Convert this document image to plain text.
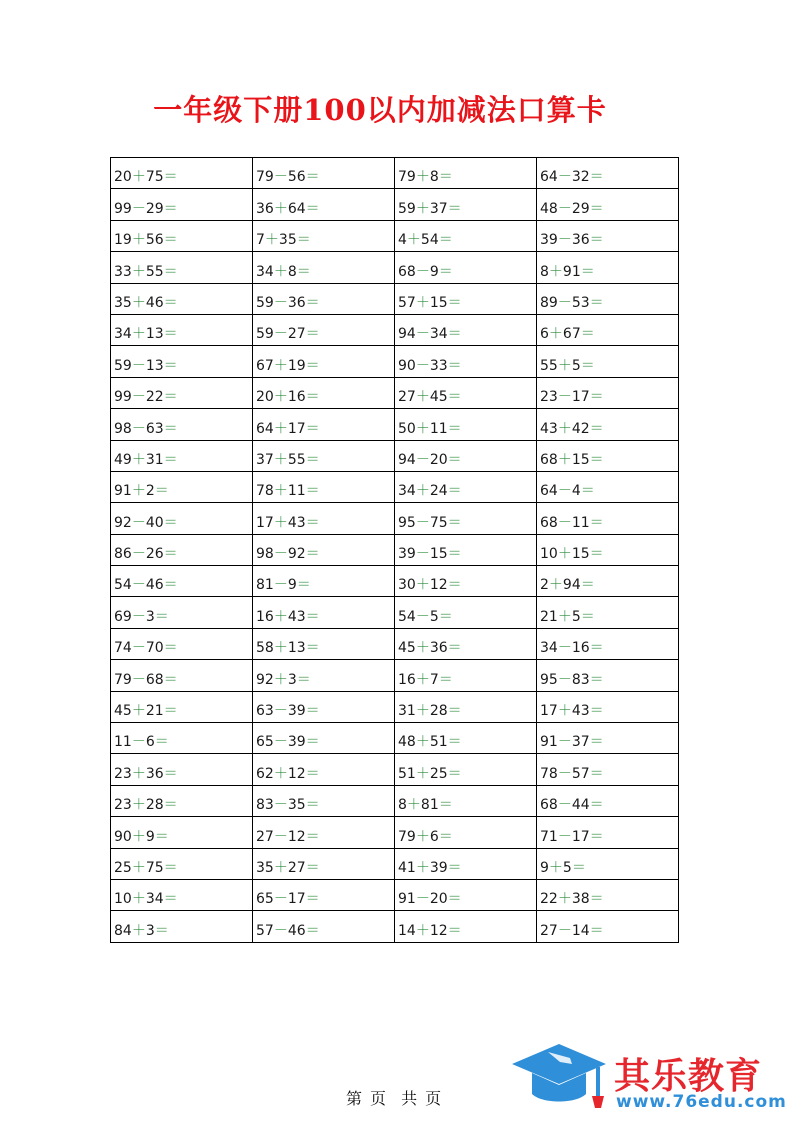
一年级下册100以内加减法口算卡
20＋75＝	79－56＝	79＋8＝	64－32＝
99－29＝	36＋64＝	59＋37＝	48－29＝
19＋56＝	7＋35＝	4＋54＝	39－36＝
33＋55＝	34＋8＝	68－9＝	8＋91＝
35＋46＝	59－36＝	57＋15＝	89－53＝
34＋13＝	59－27＝	94－34＝	6＋67＝
59－13＝	67＋19＝	90－33＝	55＋5＝
99－22＝	20＋16＝	27＋45＝	23－17＝
98－63＝	64＋17＝	50＋11＝	43＋42＝
49＋31＝	37＋55＝	94－20＝	68＋15＝
91＋2＝	78＋11＝	34＋24＝	64－4＝
92－40＝	17＋43＝	95－75＝	68－11＝
86－26＝	98－92＝	39－15＝	10＋15＝
54－46＝	81－9＝	30＋12＝	2＋94＝
69－3＝	16＋43＝	54－5＝	21＋5＝
74－70＝	58＋13＝	45＋36＝	34－16＝
79－68＝	92＋3＝	16＋7＝	95－83＝
45＋21＝	63－39＝	31＋28＝	17＋43＝
11－6＝	65－39＝	48＋51＝	91－37＝
23＋36＝	62＋12＝	51＋25＝	78－57＝
23＋28＝	83－35＝	8＋81＝	68－44＝
90＋9＝	27－12＝	79＋6＝	71－17＝
25＋75＝	35＋27＝	41＋39＝	9＋5＝
10＋34＝	65－17＝	91－20＝	22＋38＝
84＋3＝	57－46＝	14＋12＝	27－14＝
第 页 共 页
其乐教育
www.76edu.com
